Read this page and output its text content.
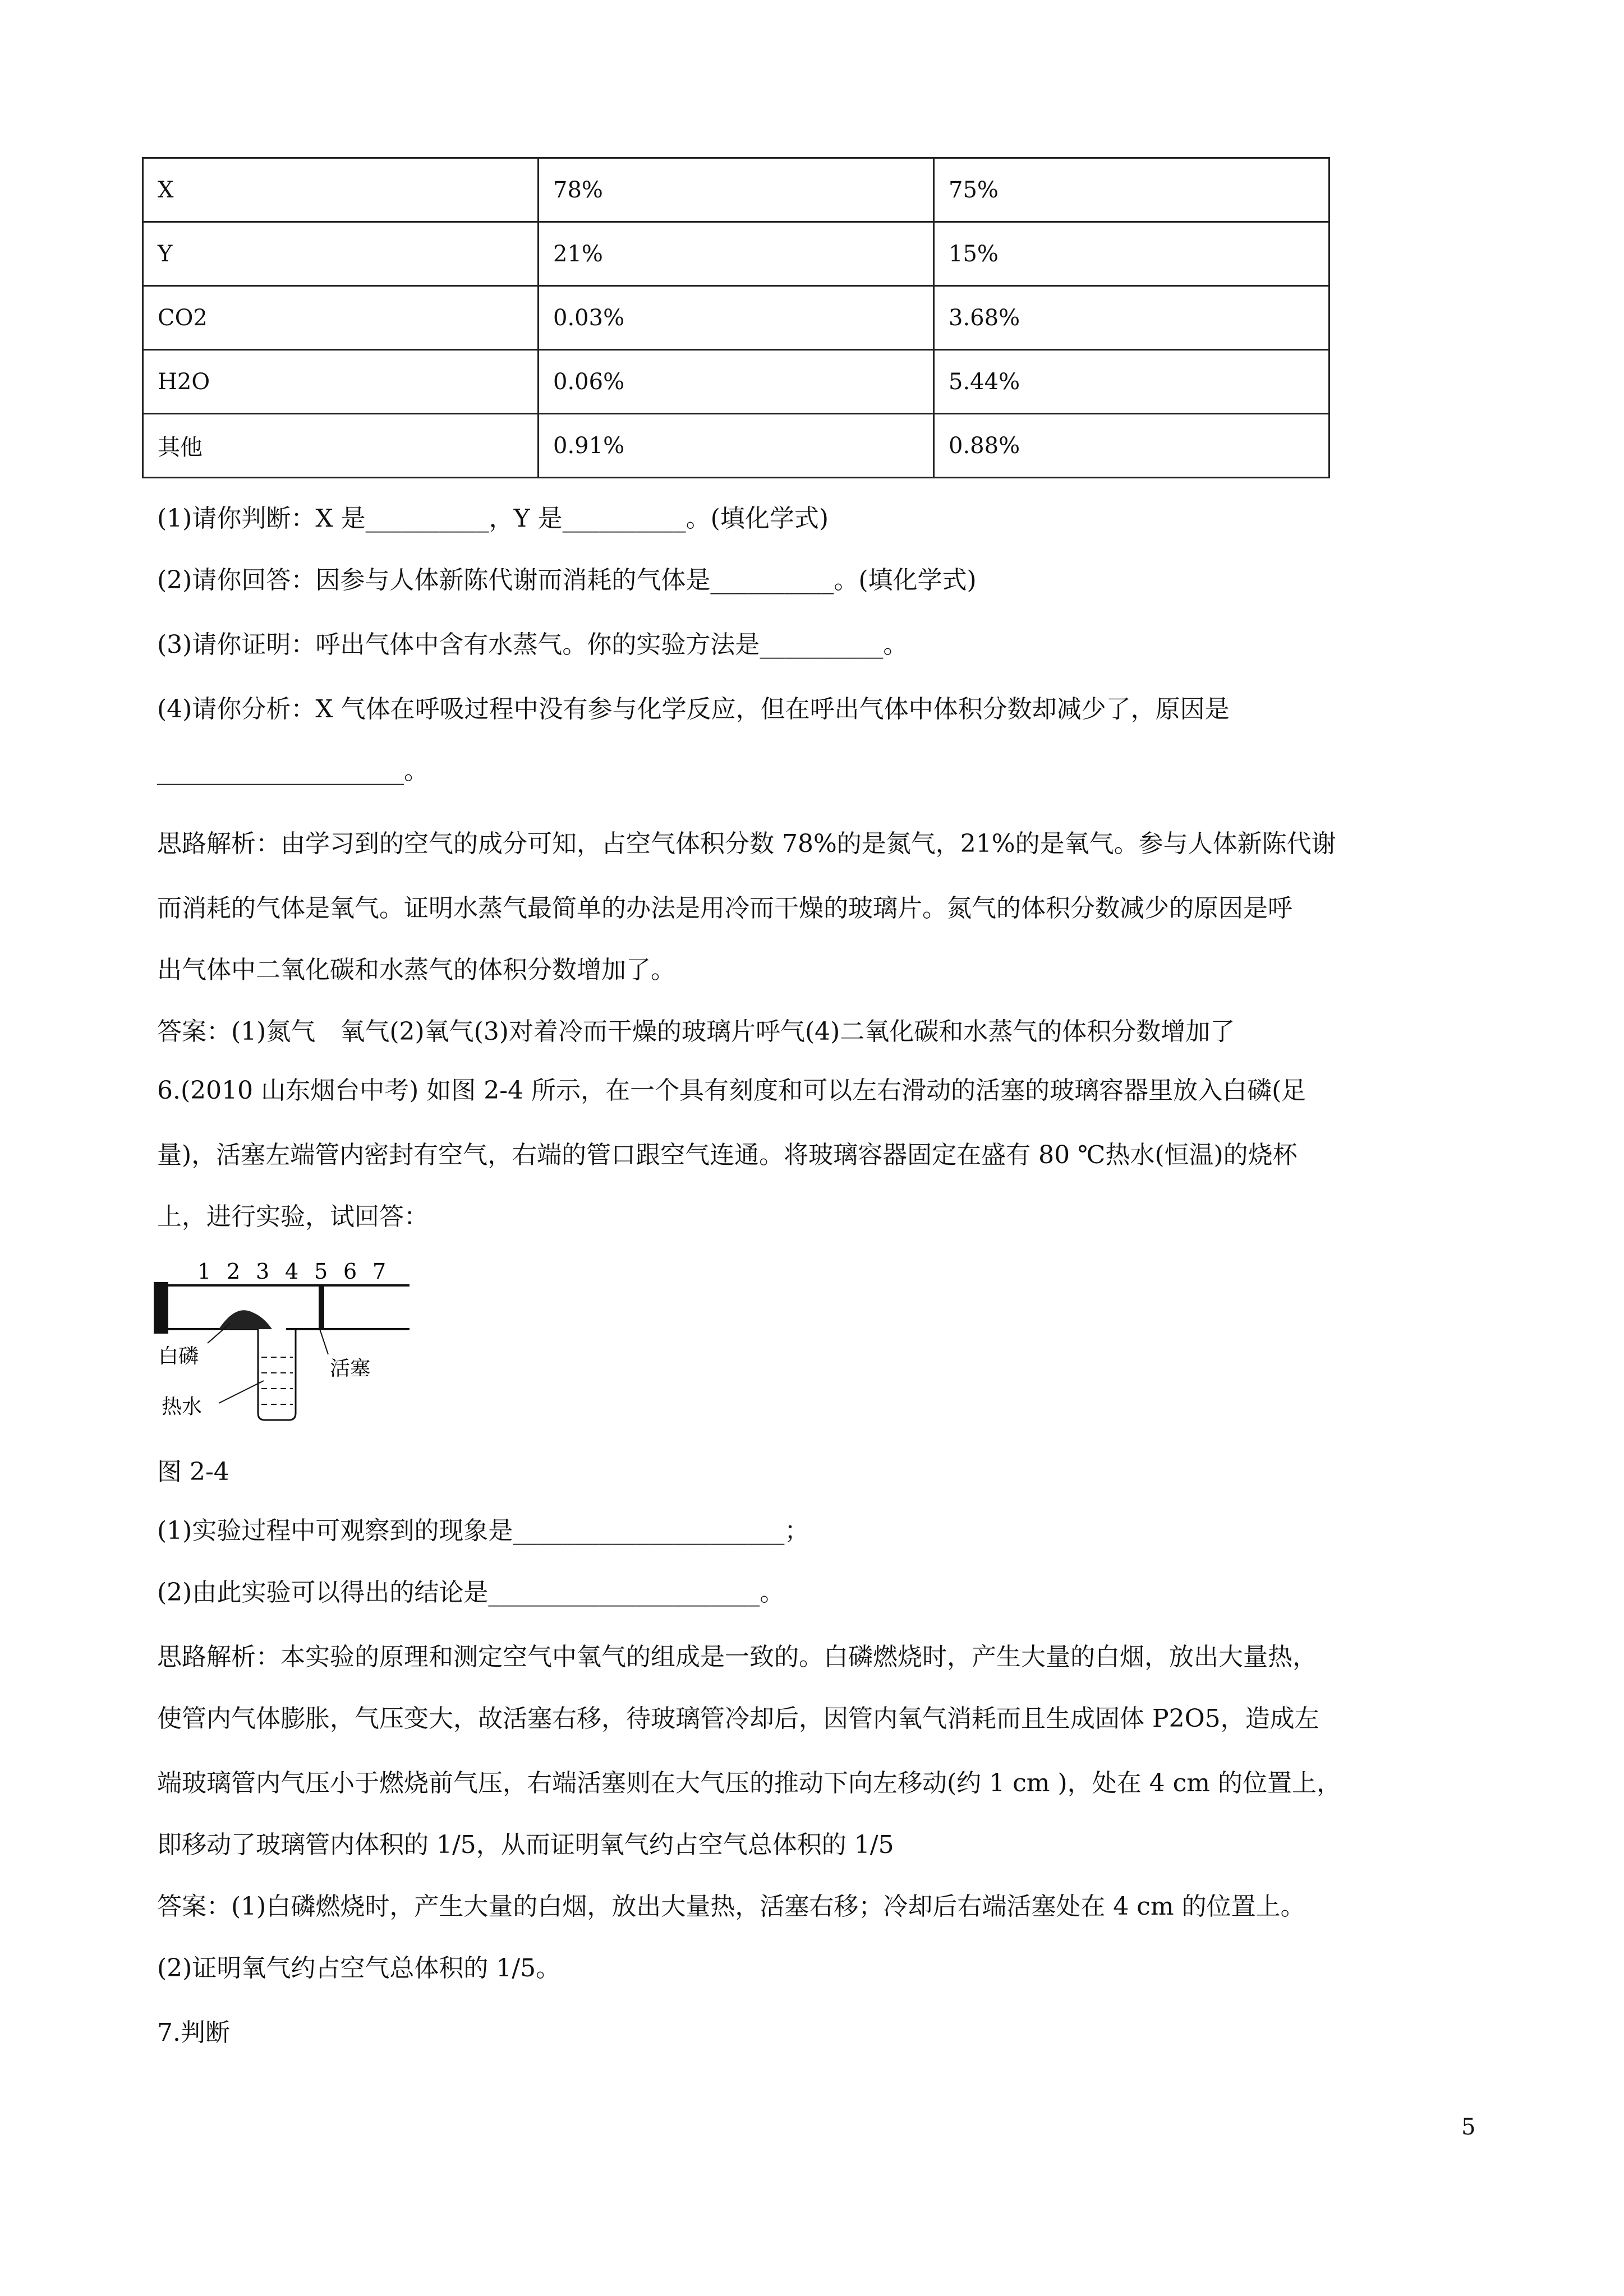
X	78%	75%
Y	21%	15%
CO2	0.03%	3.68%
H2O	0.06%	5.44%
其他	0.91%	0.88%
(1)请你判断：X 是__________，Y 是__________。(填化学式)
(2)请你回答：因参与人体新陈代谢而消耗的气体是__________。(填化学式)
(3)请你证明：呼出气体中含有水蒸气。你的实验方法是__________。
(4)请你分析：X 气体在呼吸过程中没有参与化学反应，但在呼出气体中体积分数却减少了，原因是
____________________。
思路解析：由学习到的空气的成分可知，占空气体积分数 78%的是氮气，21%的是氧气。参与人体新陈代谢
而消耗的气体是氧气。证明水蒸气最简单的办法是用冷而干燥的玻璃片。氮气的体积分数减少的原因是呼
出气体中二氧化碳和水蒸气的体积分数增加了。
答案：(1)氮气　氧气(2)氧气(3)对着冷而干燥的玻璃片呼气(4)二氧化碳和水蒸气的体积分数增加了
6.(2010 山东烟台中考) 如图 2-4 所示，在一个具有刻度和可以左右滑动的活塞的玻璃容器里放入白磷(足
量)，活塞左端管内密封有空气，右端的管口跟空气连通。将玻璃容器固定在盛有 80 ℃热水(恒温)的烧杯
上，进行实验，试回答：
1 2 3 4 5 6 7
白磷
活塞
热水
图 2-4
(1)实验过程中可观察到的现象是______________________；
(2)由此实验可以得出的结论是______________________。
思路解析：本实验的原理和测定空气中氧气的组成是一致的。白磷燃烧时，产生大量的白烟，放出大量热，
使管内气体膨胀，气压变大，故活塞右移，待玻璃管冷却后，因管内氧气消耗而且生成固体 P2O5，造成左
端玻璃管内气压小于燃烧前气压，右端活塞则在大气压的推动下向左移动(约 1 cm )，处在 4 cm 的位置上，
即移动了玻璃管内体积的 1/5，从而证明氧气约占空气总体积的 1/5
答案：(1)白磷燃烧时，产生大量的白烟，放出大量热，活塞右移；冷却后右端活塞处在 4 cm 的位置上。
(2)证明氧气约占空气总体积的 1/5。
7.判断
5
